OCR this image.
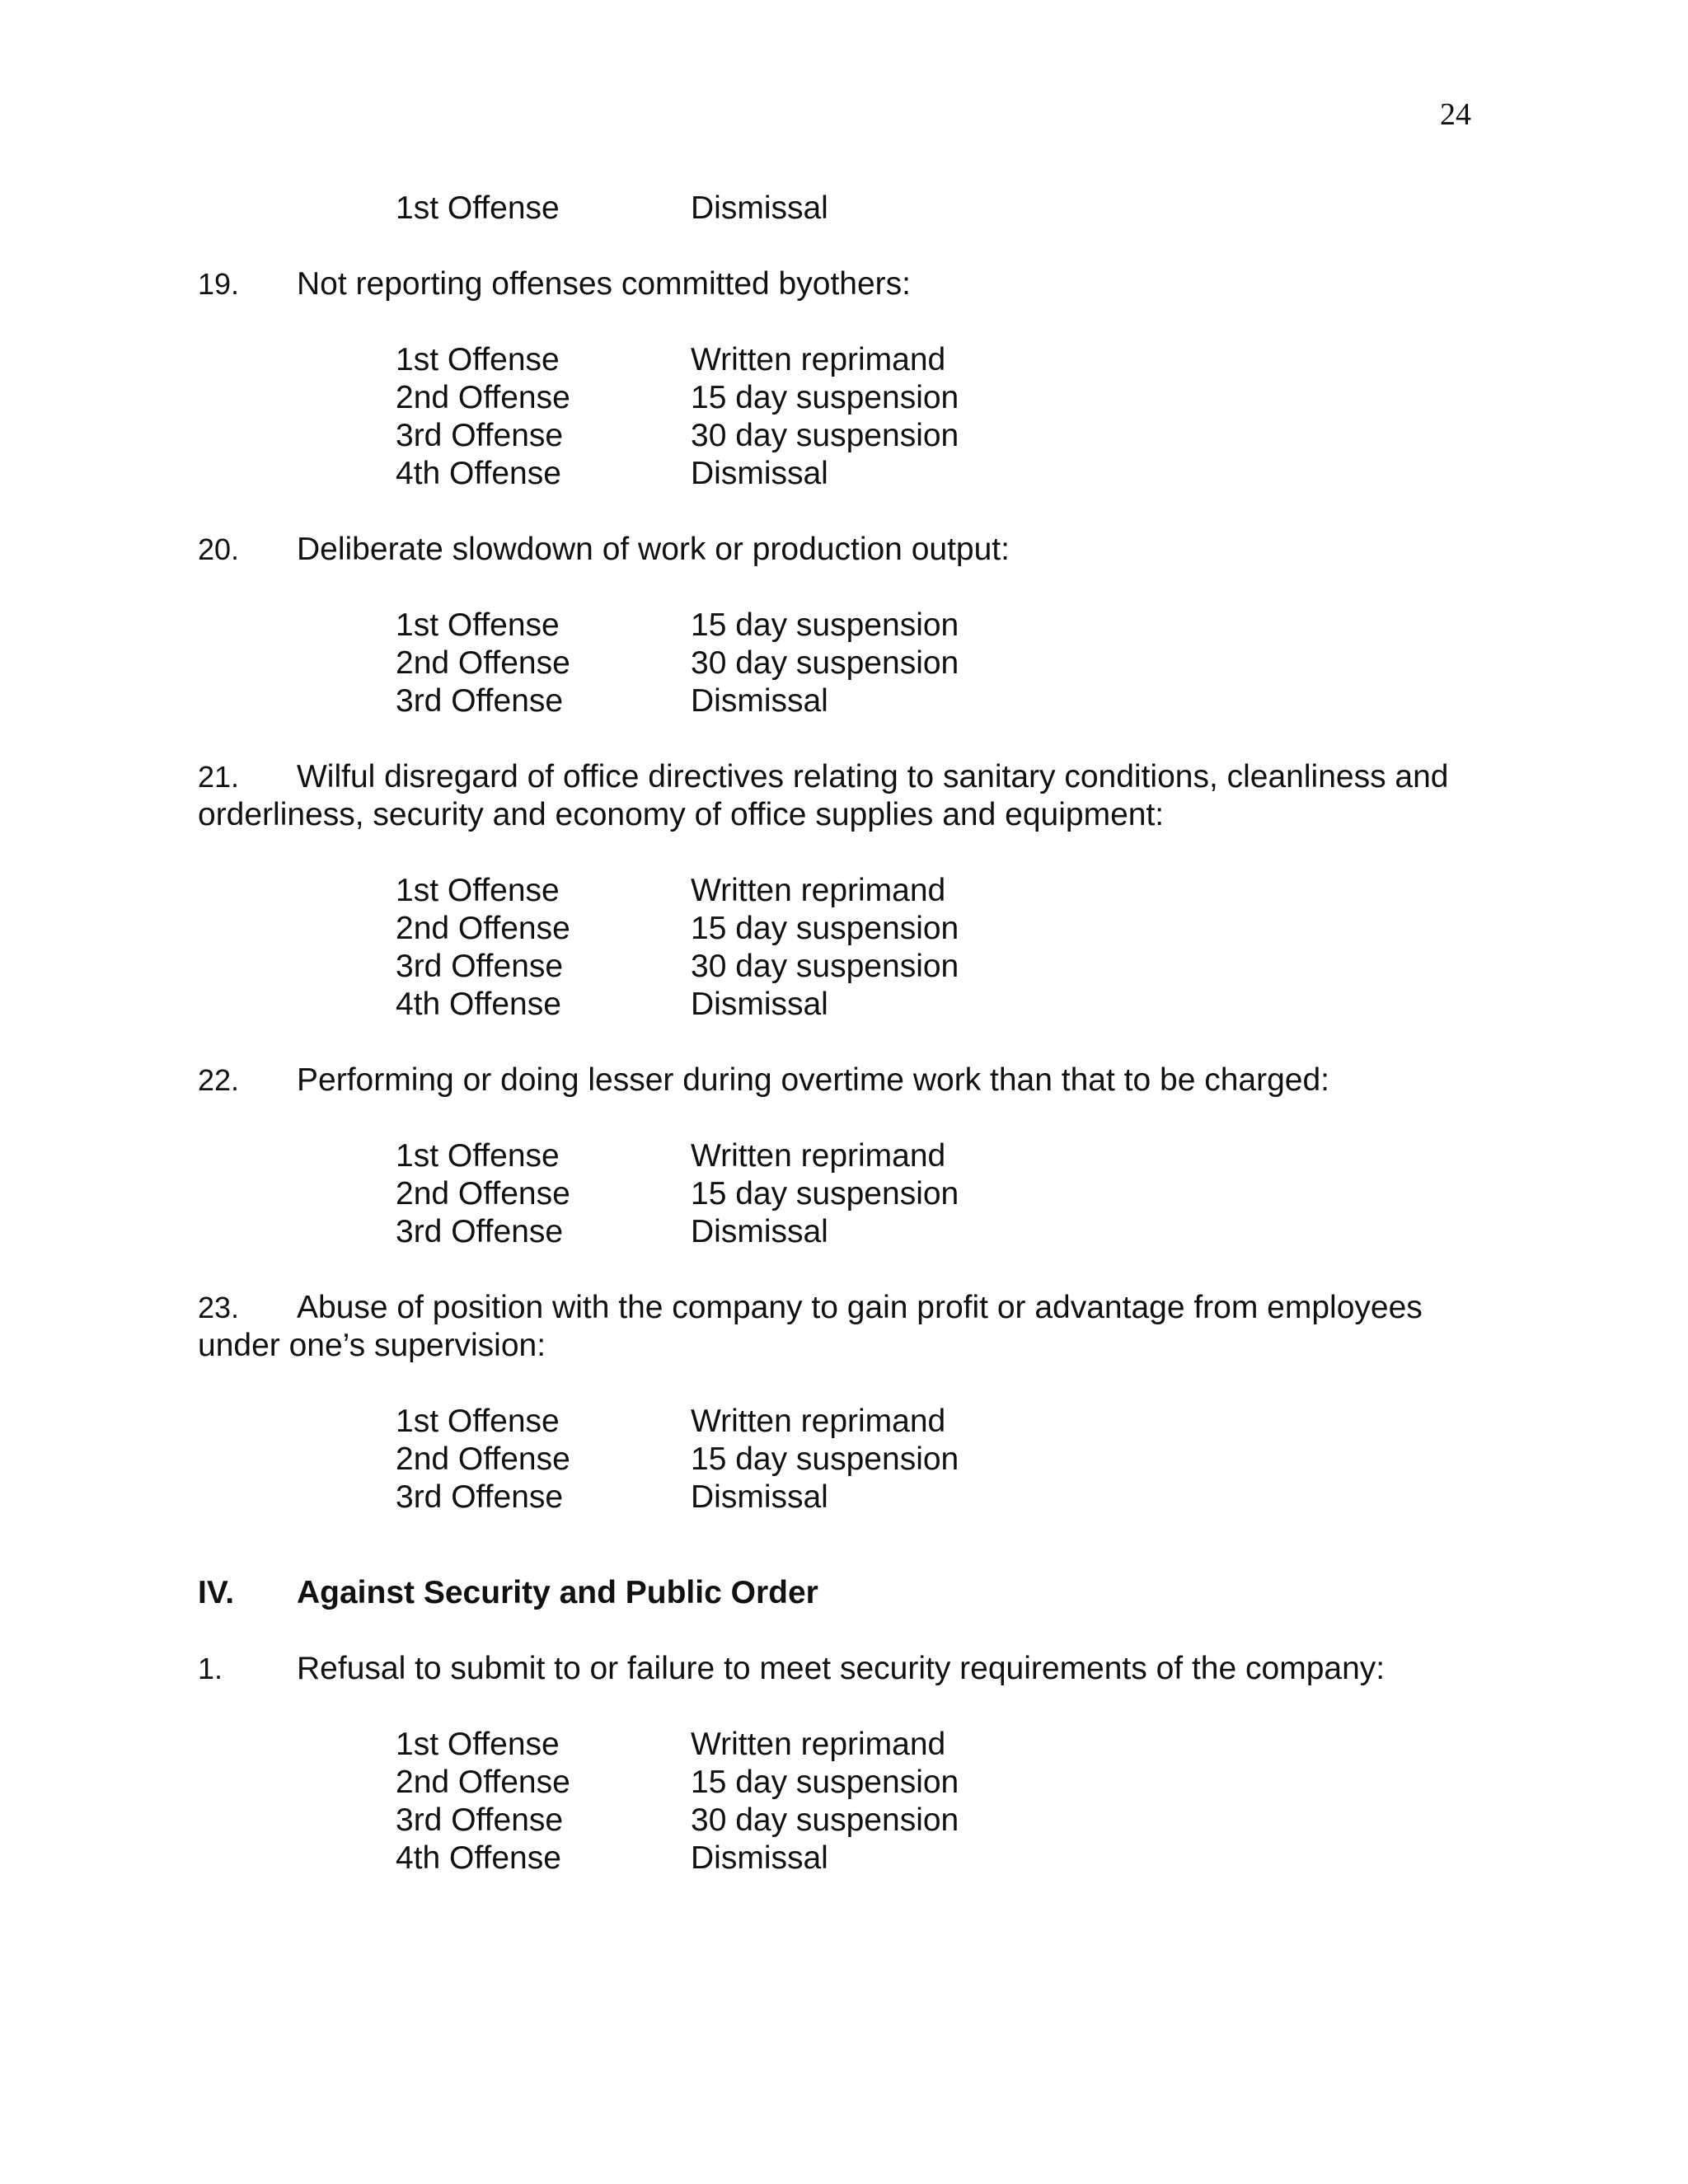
24
1st Offense	Dismissal

19. Not reporting offenses committed byothers:

1st Offense	Written reprimand
2nd Offense	15 day suspension
3rd Offense	30 day suspension
4th Offense	Dismissal

20. Deliberate slowdown of work or production output:

1st Offense	15 day suspension
2nd Offense	30 day suspension
3rd Offense	Dismissal

21. Wilful disregard of office directives relating to sanitary conditions, cleanliness and orderliness, security and economy of office supplies and equipment:

1st Offense	Written reprimand
2nd Offense	15 day suspension
3rd Offense	30 day suspension
4th Offense	Dismissal

22. Performing or doing lesser during overtime work than that to be charged:

1st Offense	Written reprimand
2nd Offense	15 day suspension
3rd Offense	Dismissal

23. Abuse of position with the company to gain profit or advantage from employees under one’s supervision:

1st Offense	Written reprimand
2nd Offense	15 day suspension
3rd Offense	Dismissal
IV. Against Security and Public Order

1. Refusal to submit to or failure to meet security requirements of the company:

1st Offense	Written reprimand
2nd Offense	15 day suspension
3rd Offense	30 day suspension
4th Offense	Dismissal
